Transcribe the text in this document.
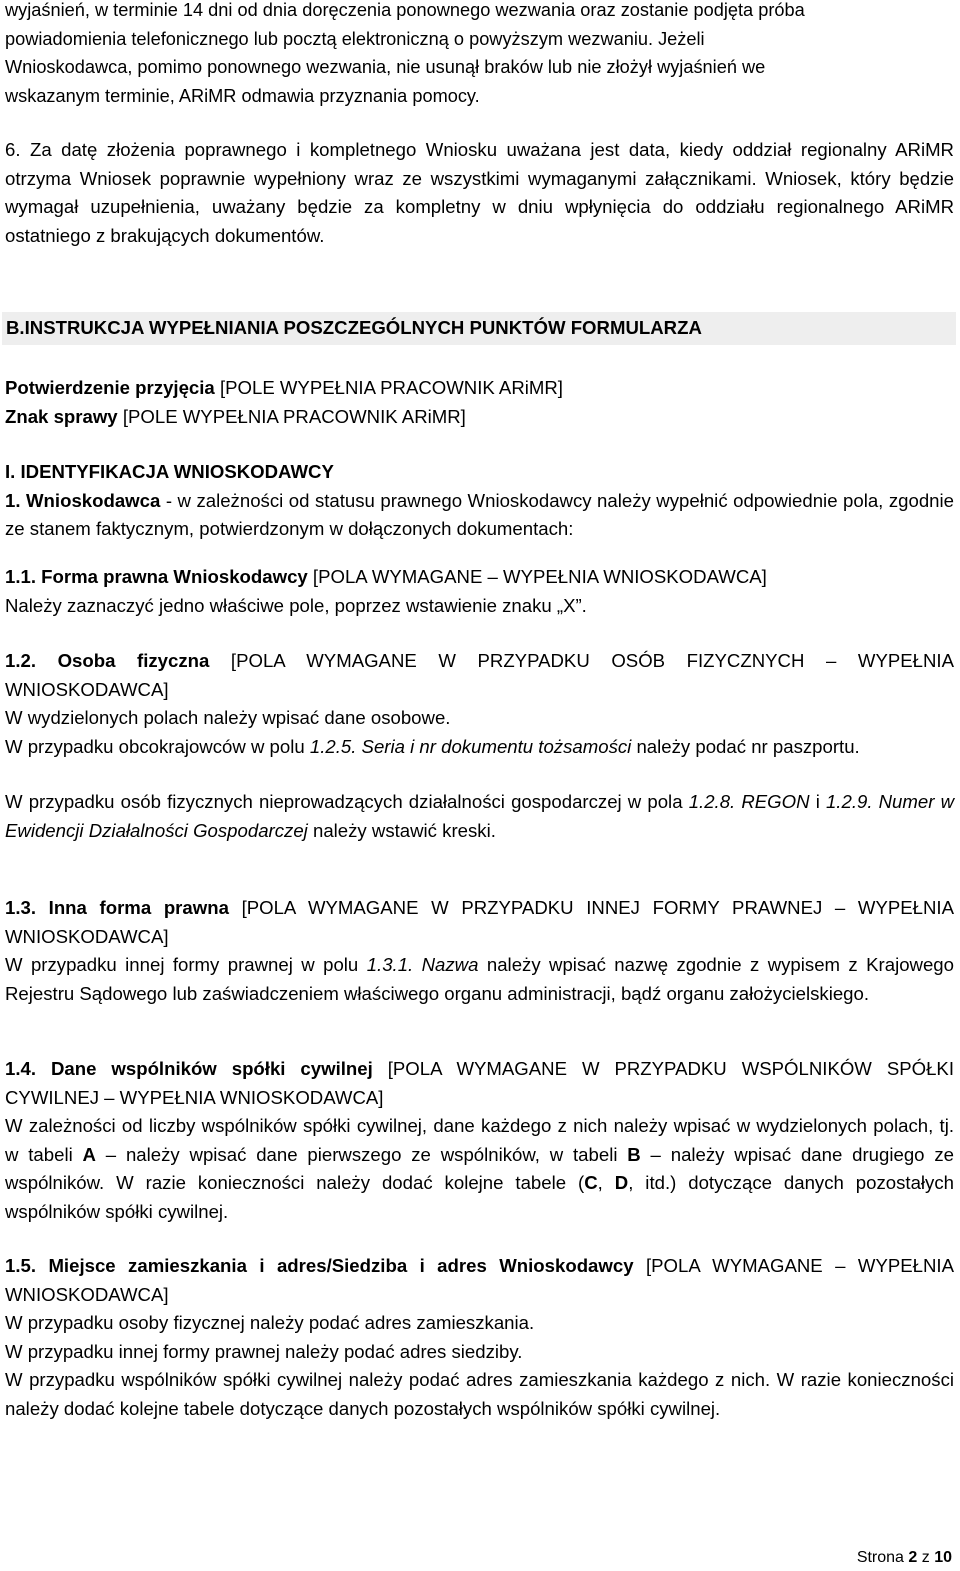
wyjaśnień, w terminie 14 dni od dnia doręczenia ponownego wezwania oraz zostanie podjęta próba
powiadomienia telefonicznego lub pocztą elektroniczną o powyższym wezwaniu. Jeżeli
Wnioskodawca, pomimo ponownego wezwania, nie usunął braków lub nie złożył wyjaśnień we
wskazanym terminie, ARiMR odmawia przyznania pomocy.

6. Za datę złożenia poprawnego i kompletnego Wniosku uważana jest data, kiedy oddział regionalny ARiMR otrzyma Wniosek poprawnie wypełniony wraz ze wszystkimi wymaganymi załącznikami. Wniosek, który będzie wymagał uzupełnienia, uważany będzie za kompletny w dniu wpłynięcia do oddziału regionalnego ARiMR ostatniego z brakujących dokumentów.

B.INSTRUKCJA WYPEŁNIANIA POSZCZEGÓLNYCH PUNKTÓW FORMULARZA
Potwierdzenie przyjęcia [POLE WYPEŁNIA PRACOWNIK ARiMR]
Znak sprawy [POLE WYPEŁNIA PRACOWNIK ARiMR]
I. IDENTYFIKACJA WNIOSKODAWCY
1. Wnioskodawca - w zależności od statusu prawnego Wnioskodawcy należy wypełnić odpowiednie pola, zgodnie ze stanem faktycznym, potwierdzonym w dołączonych dokumentach:
1.1. Forma prawna Wnioskodawcy [POLA WYMAGANE – WYPEŁNIA WNIOSKODAWCA]
Należy zaznaczyć jedno właściwe pole, poprzez wstawienie znaku „X”.
1.2. Osoba fizyczna [POLA WYMAGANE W PRZYPADKU OSÓB FIZYCZNYCH – WYPEŁNIA WNIOSKODAWCA]
W wydzielonych polach należy wpisać dane osobowe.
W przypadku obcokrajowców w polu 1.2.5. Seria i nr dokumentu tożsamości należy podać nr paszportu.
W przypadku osób fizycznych nieprowadzących działalności gospodarczej w pola 1.2.8. REGON i 1.2.9. Numer w Ewidencji Działalności Gospodarczej należy wstawić kreski.
1.3. Inna forma prawna [POLA WYMAGANE W PRZYPADKU INNEJ FORMY PRAWNEJ – WYPEŁNIA WNIOSKODAWCA]
W przypadku innej formy prawnej w polu 1.3.1. Nazwa należy wpisać nazwę zgodnie z wypisem z Krajowego Rejestru Sądowego lub zaświadczeniem właściwego organu administracji, bądź organu założycielskiego.
1.4. Dane wspólników spółki cywilnej [POLA WYMAGANE W PRZYPADKU WSPÓLNIKÓW SPÓŁKI CYWILNEJ – WYPEŁNIA WNIOSKODAWCA]
W zależności od liczby wspólników spółki cywilnej, dane każdego z nich należy wpisać w wydzielonych polach, tj. w tabeli A – należy wpisać dane pierwszego ze wspólników, w tabeli B – należy wpisać dane drugiego ze wspólników. W razie konieczności należy dodać kolejne tabele (C, D, itd.) dotyczące danych pozostałych wspólników spółki cywilnej.
1.5. Miejsce zamieszkania i adres/Siedziba i adres Wnioskodawcy [POLA WYMAGANE – WYPEŁNIA WNIOSKODAWCA]
W przypadku osoby fizycznej należy podać adres zamieszkania.
W przypadku innej formy prawnej należy podać adres siedziby.
W przypadku wspólników spółki cywilnej należy podać adres zamieszkania każdego z nich. W razie konieczności należy dodać kolejne tabele dotyczące danych pozostałych wspólników spółki cywilnej.
Strona 2 z 10
